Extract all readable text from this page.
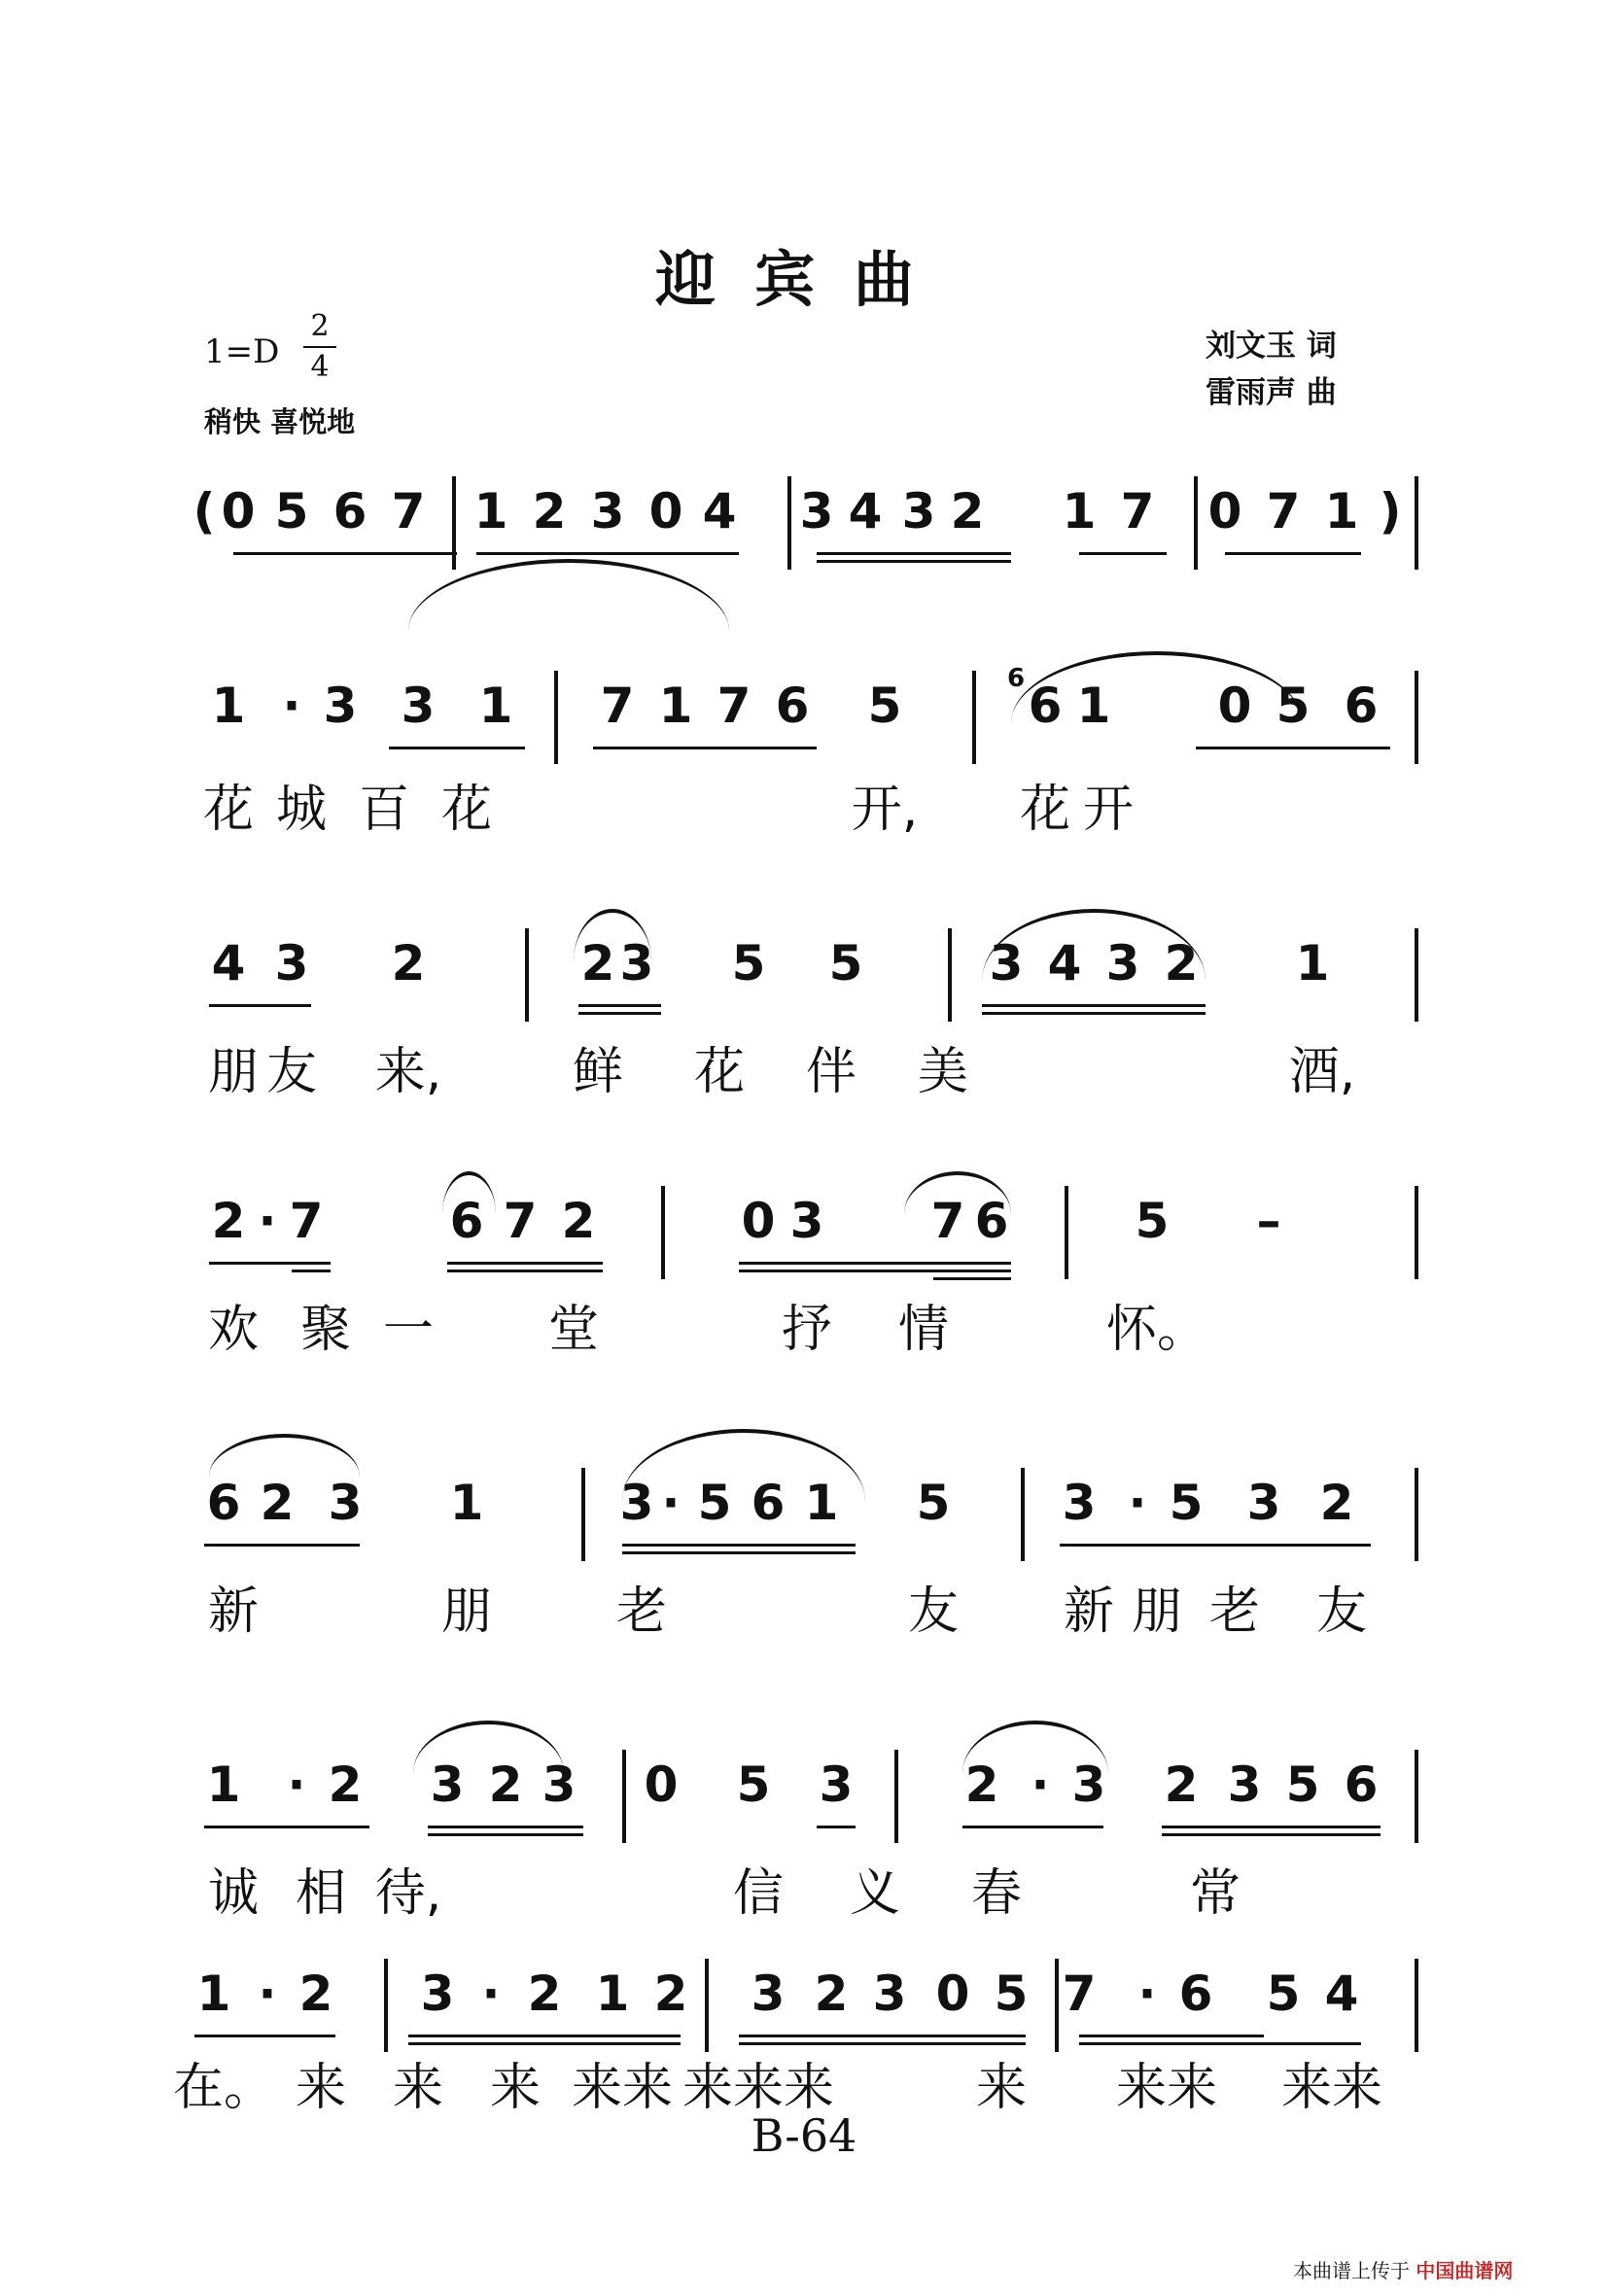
迎宾曲
1=D
2
4
稍快 喜悦地
刘文玉 词
雷雨声 曲
( 0 5 6 7 1 2 3 0 4 3 4 3 2 1 7 0 7 1 )
1 · 3 3 1 7 1 7 6 5	6 1 0 5 6
6
花 城 百 花	开, 花 开
4 3 2	2 3 5 5	3 4 3 2 1
朋 友 来,	鲜 花 伴 美	酒,
2 · 7	6 7 2	0 3 7 6	5 –
欢 聚 一 堂	抒 情	怀。
6 2 3 1	3 · 5 6 1 5 3 · 5 3 2
新	朋 老	友 新 朋 老 友
1 · 2 3 2 3 0 5 3 2 · 3 2 3 5 6
诚 相 待,	信 义 春	常
1 · 2 3 · 2 1 2 3 2 3 0 5 7 · 6 5 4
在。 来 来 来 来来 来来来	来 来来 来来
B-64
本曲谱上传于 中国曲谱网
